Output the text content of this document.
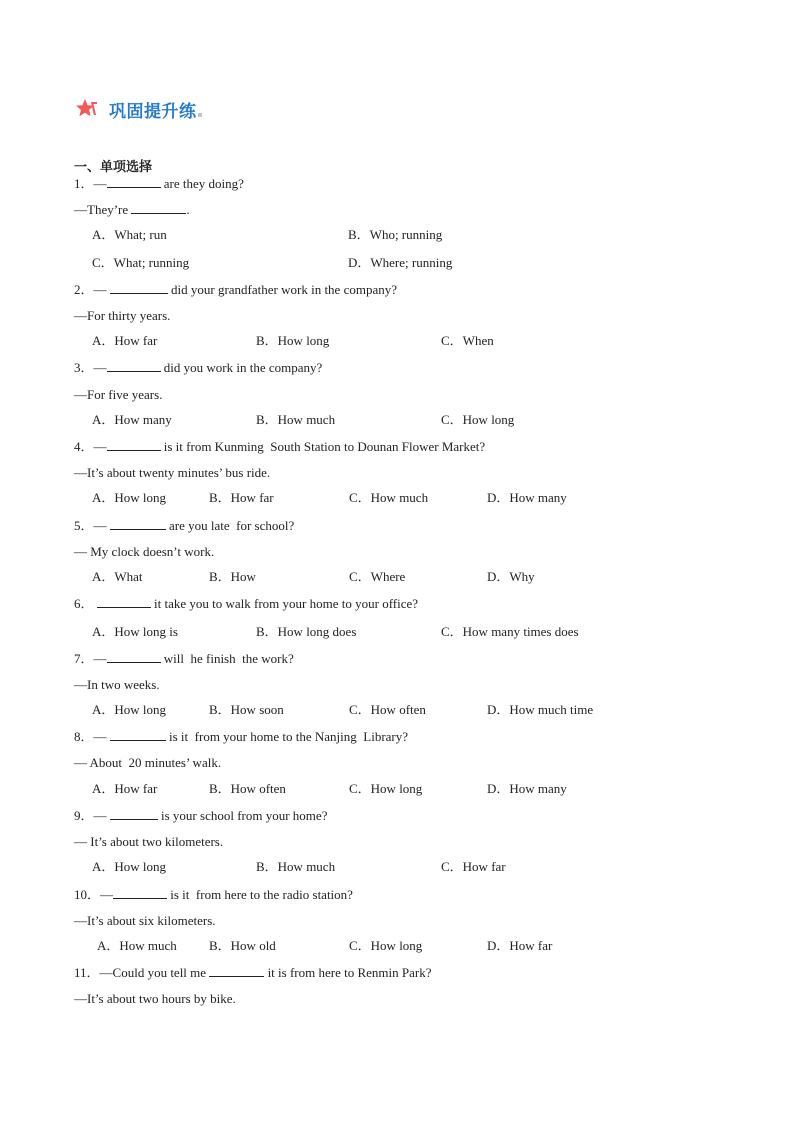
巩固提升练
一、单项选择
1．—	are they doing?
—They’re	.
A．What; run	B．Who; running
C．What; running	D．Where; running
2．—	did your grandfather work in the company?
—For thirty years.
A．How far	B．How long	C．When
3．—	did you work in the company?
—For five years.
A．How many	B．How much	C．How long
4．—	is it from Kunming  South Station to Dounan Flower Market?
—It’s about twenty minutes’ bus ride.
A．How long	B．How far	C．How much	D．How many
5．—	are you late  for school?
— My clock doesn’t work.
A．What	B．How	C．Where	D．Why
6．	it take you to walk from your home to your office?
A．How long is	B．How long does	C．How many times does
7．—	will  he finish  the work?
—In two weeks.
A．How long	B．How soon	C．How often	D．How much time
8．—	is it  from your home to the Nanjing  Library?
— About  20 minutes’ walk.
A．How far	B．How often	C．How long	D．How many
9．—	is your school from your home?
— It’s about two kilometers.
A．How long	B．How much	C．How far
10．—	is it  from here to the radio station?
—It’s about six kilometers.
A．How much B．How old	C．How long	D．How far
11．—Could you tell me	it is from here to Renmin Park?
—It’s about two hours by bike.
